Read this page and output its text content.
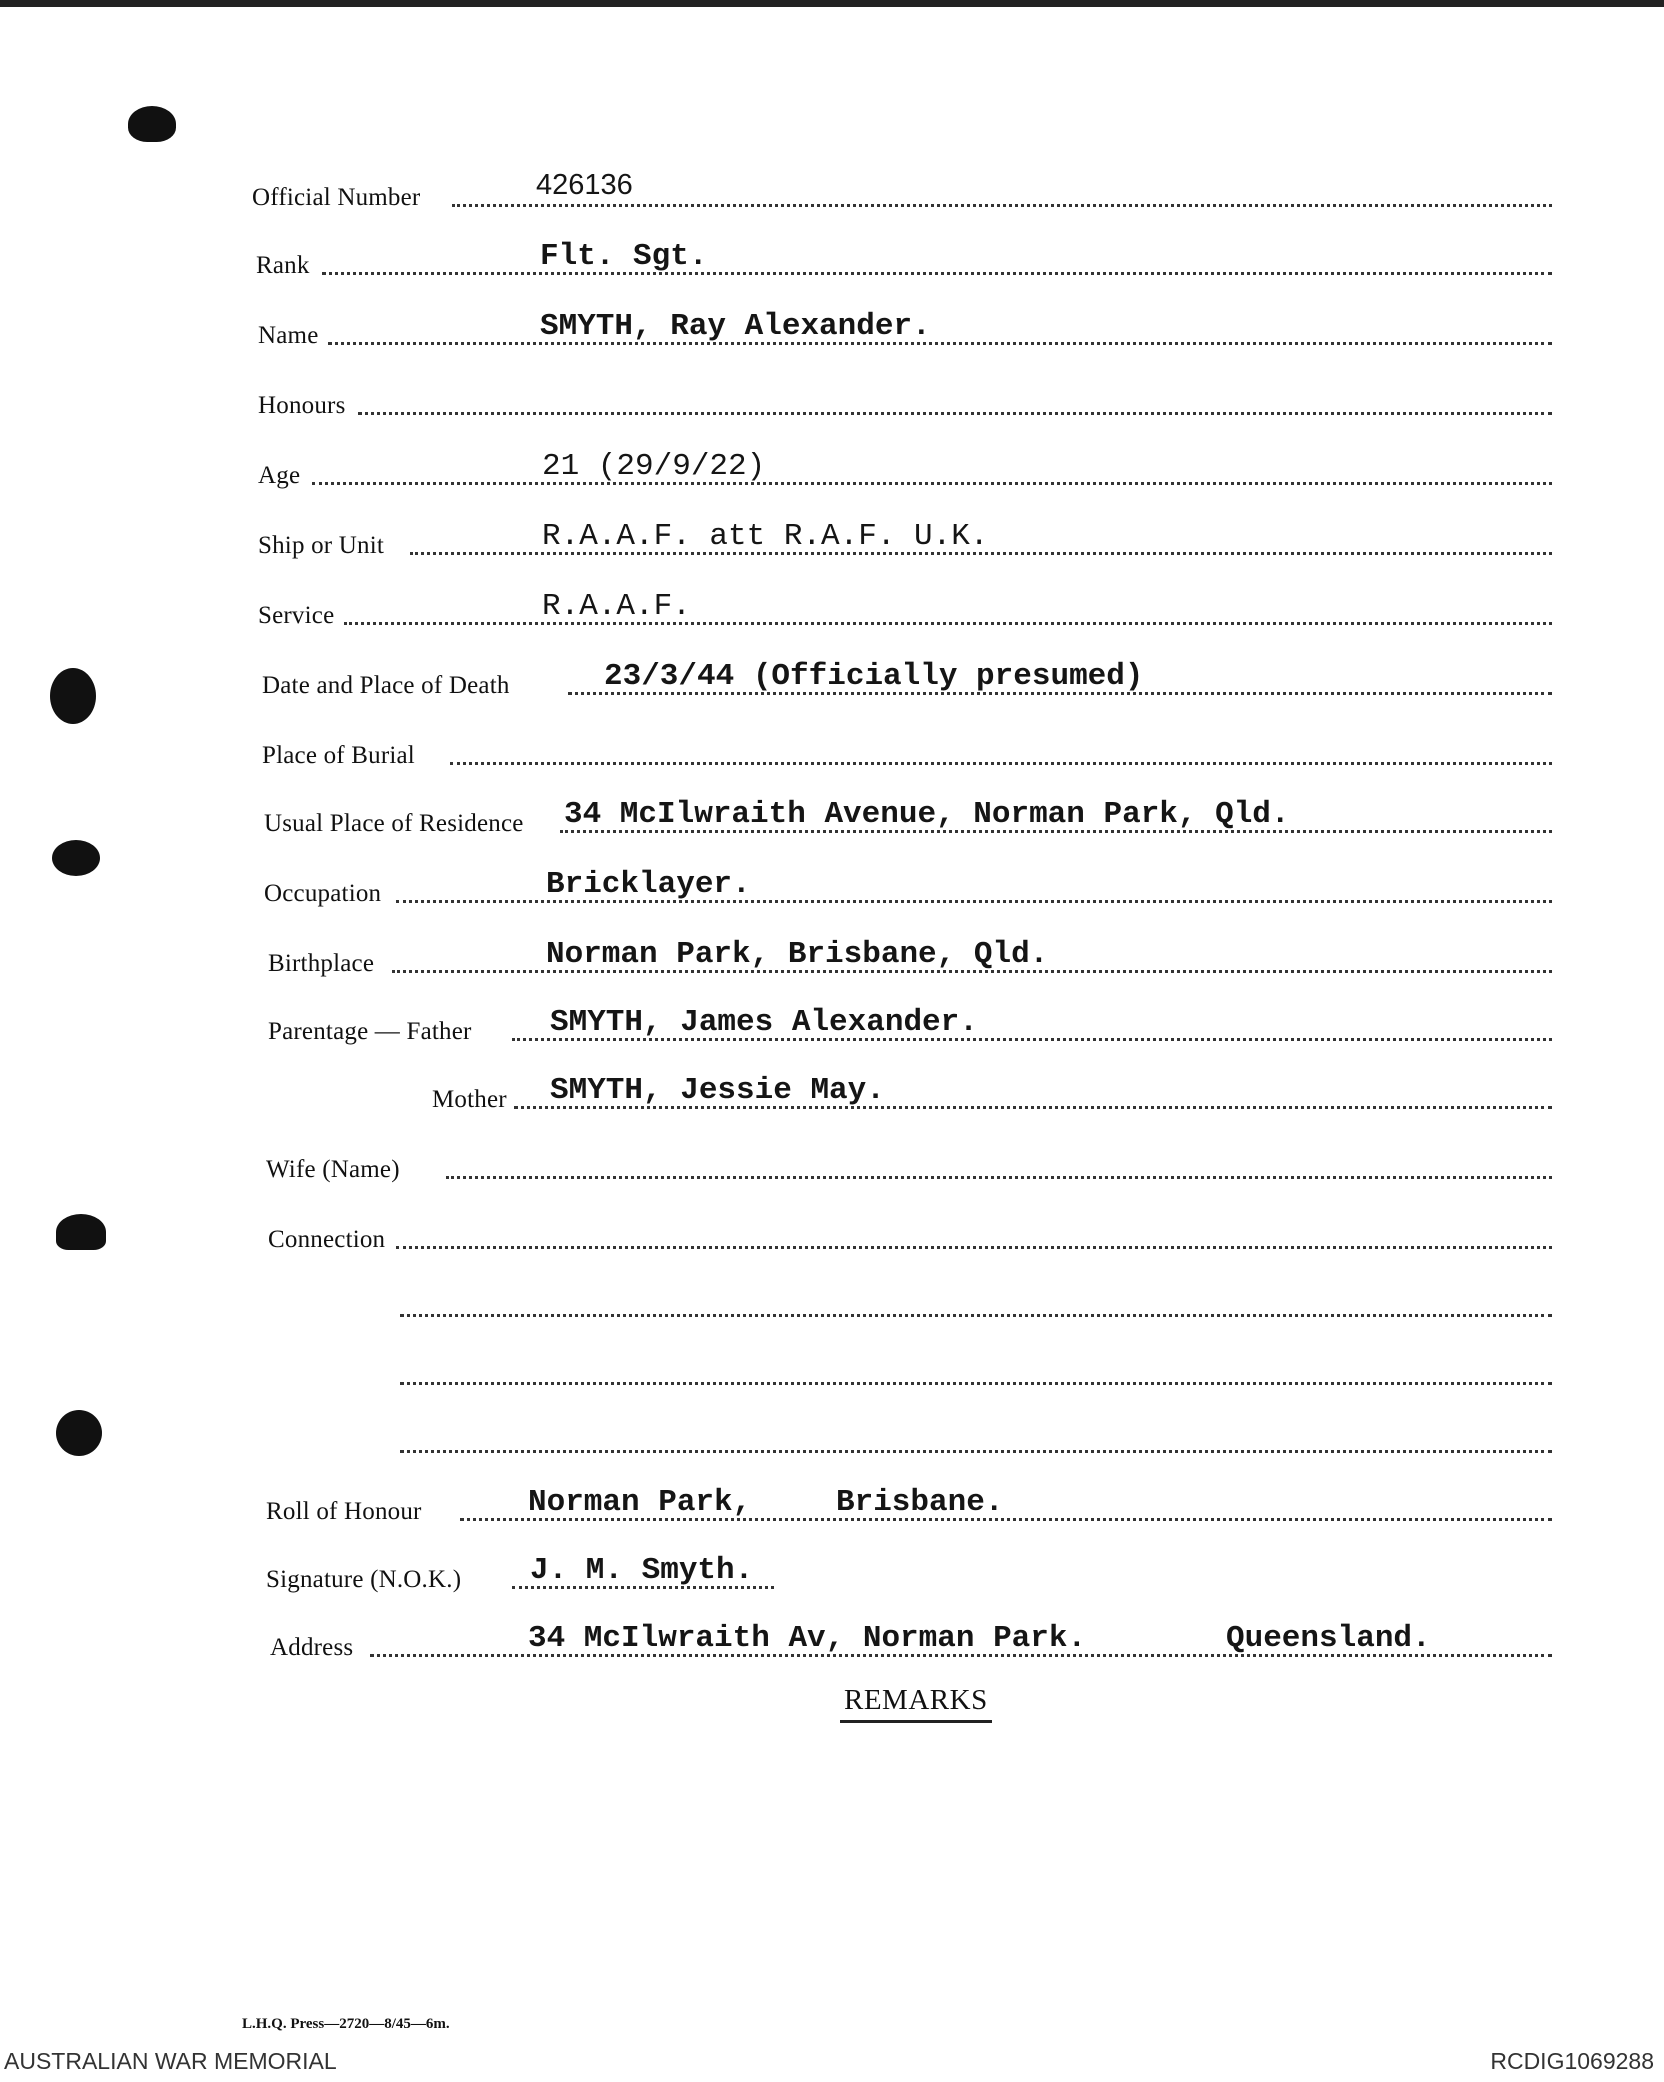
Official Number	426136
Rank	Flt. Sgt.
Name	SMYTH, Ray Alexander.
Honours
Age	21 (29/9/22)
Ship or Unit	R.A.A.F. att R.A.F. U.K.
Service	R.A.A.F.
Date and Place of Death	23/3/44 (Officially presumed)
Place of Burial
Usual Place of Residence 34 McIlwraith Avenue, Norman Park, Qld.
Occupation	Bricklayer.
Birthplace	Norman Park, Brisbane, Qld.
Parentage — Father	SMYTH, James Alexander.
Mother SMYTH, Jessie May.
Wife (Name)
Connection
Roll of Honour	Norman Park,	Brisbane.
Signature (N.O.K.) J. M. Smyth.
Address	34 McIlwraith Av, Norman Park.	Queensland.
REMARKS
L.H.Q. Press—2720—8/45—6m.
AUSTRALIAN WAR MEMORIAL	RCDIG1069288
